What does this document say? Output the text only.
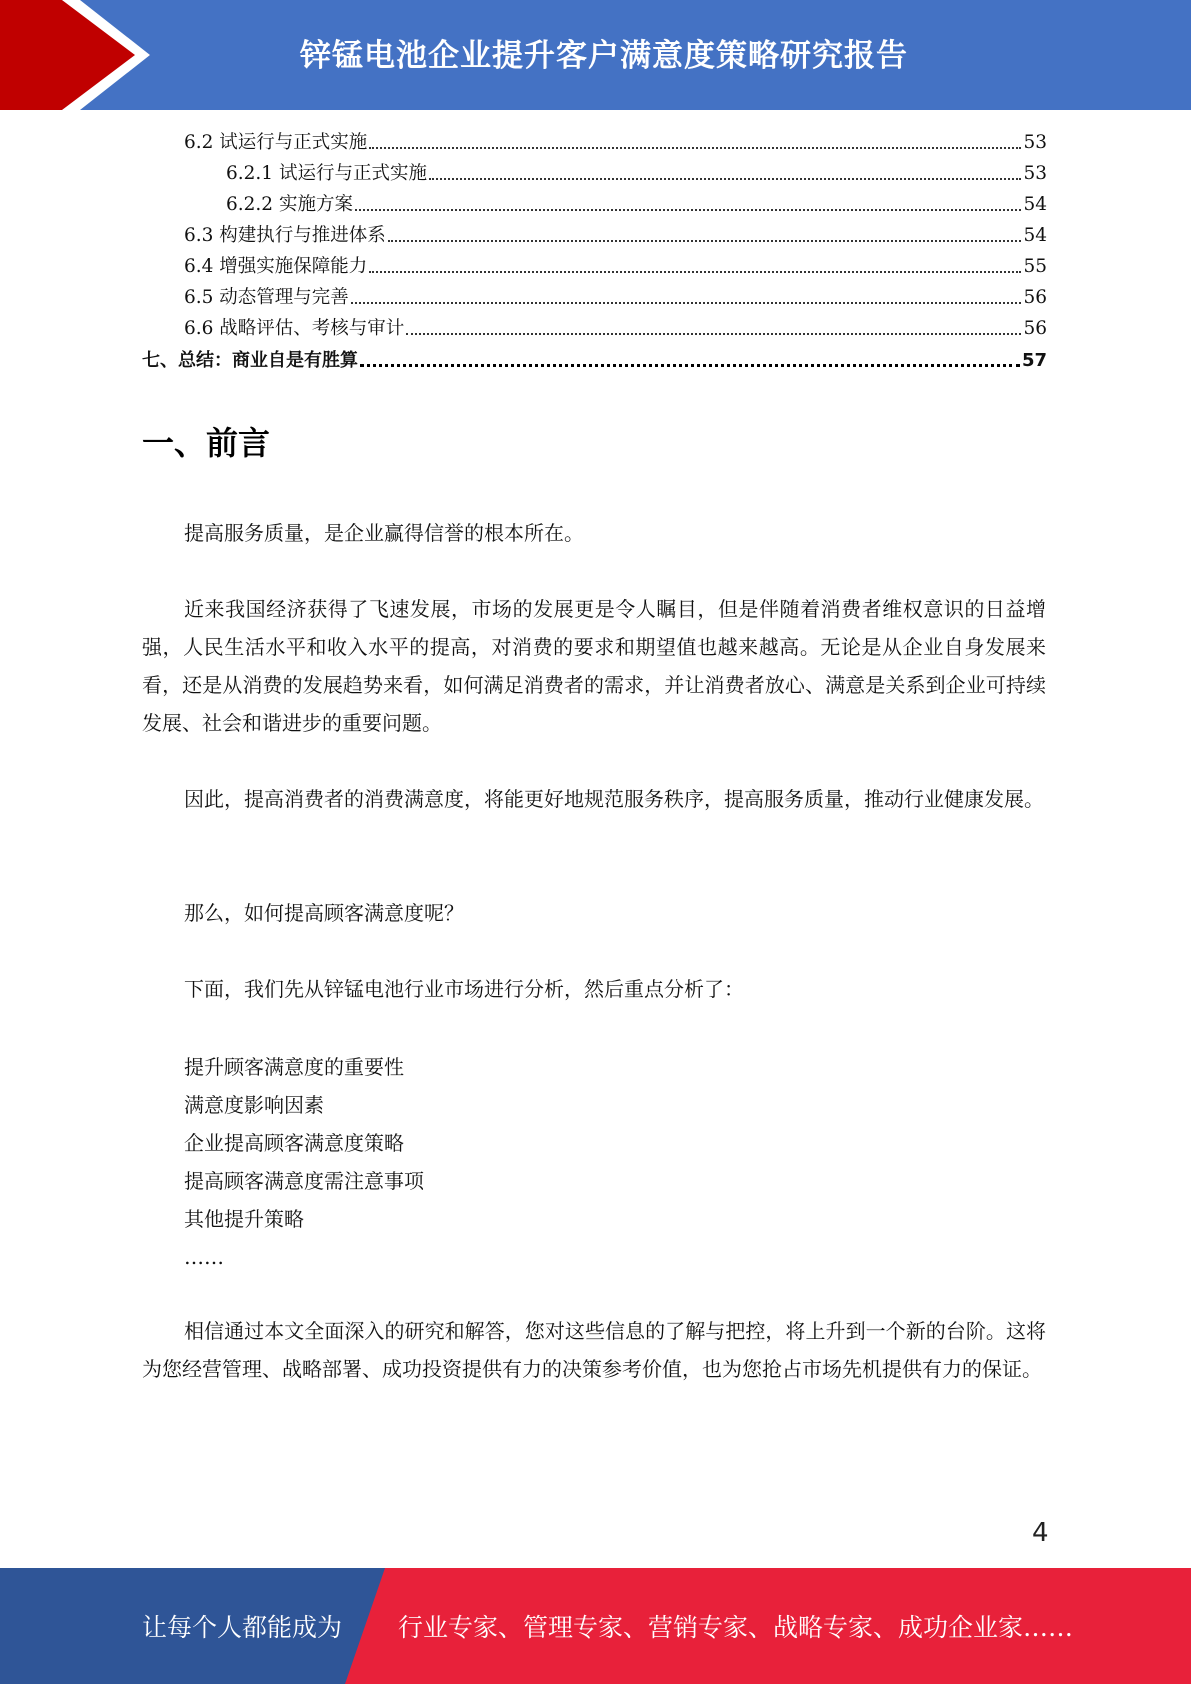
锌锰电池企业提升客户满意度策略研究报告
6.2 试运行与正式实施	53
6.2.1 试运行与正式实施	53
6.2.2 实施方案	54
6.3 构建执行与推进体系	54
6.4 增强实施保障能力	55
6.5 动态管理与完善	56
6.6 战略评估、考核与审计	56
七、总结：商业自是有胜算	57
一、前言

提高服务质量，是企业赢得信誉的根本所在。

近来我国经济获得了飞速发展，市场的发展更是令人瞩目，但是伴随着消费者维权意识的日益增强，人民生活水平和收入水平的提高，对消费的要求和期望值也越来越高。无论是从企业自身发展来看，还是从消费的发展趋势来看，如何满足消费者的需求，并让消费者放心、满意是关系到企业可持续发展、社会和谐进步的重要问题。

因此，提高消费者的消费满意度，将能更好地规范服务秩序，提高服务质量，推动行业健康发展。

那么，如何提高顾客满意度呢？

下面，我们先从锌锰电池行业市场进行分析，然后重点分析了：

提升顾客满意度的重要性
满意度影响因素
企业提高顾客满意度策略
提高顾客满意度需注意事项
其他提升策略
……

相信通过本文全面深入的研究和解答，您对这些信息的了解与把控，将上升到一个新的台阶。这将为您经营管理、战略部署、成功投资提供有力的决策参考价值，也为您抢占市场先机提供有力的保证。

4
让每个人都能成为 行业专家、管理专家、营销专家、战略专家、成功企业家……
